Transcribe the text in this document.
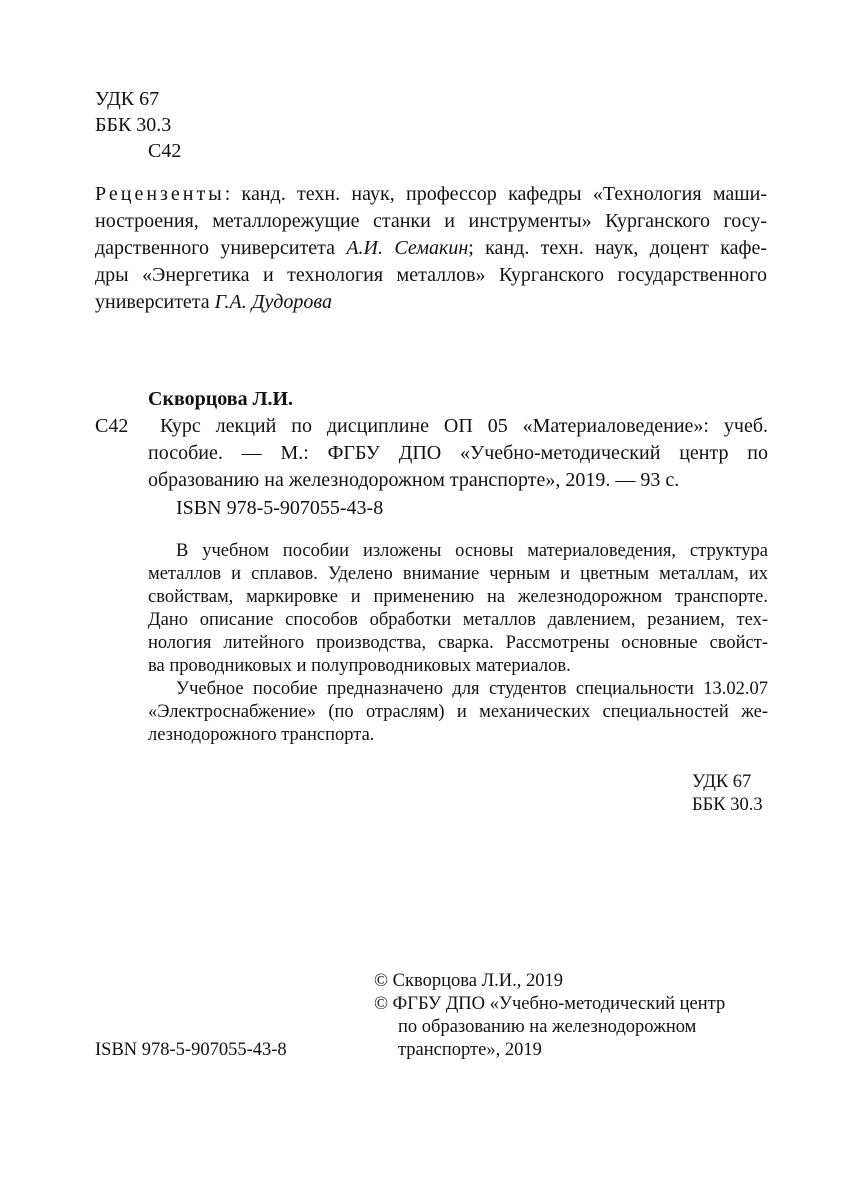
УДК 67
ББК 30.3
С42
Рецензенты: канд. техн. наук, профессор кафедры «Технология маши-
ностроения, металлорежущие станки и инструменты» Курганского госу-
дарственного университета А.И. Семакин; канд. техн. наук, доцент кафе-
дры «Энергетика и технология металлов» Курганского государственного
университета Г.А. Дудорова
Скворцова Л.И.
С42 Курс лекций по дисциплине ОП 05 «Материаловедение»: учеб.
пособие. — М.: ФГБУ ДПО «Учебно-методический центр по
образованию на железнодорожном транспорте», 2019. — 93 с.
ISBN 978-5-907055-43-8
В учебном пособии изложены основы материаловедения, структура
металлов и сплавов. Уделено внимание черным и цветным металлам, их
свойствам, маркировке и применению на железнодорожном транспорте.
Дано описание способов обработки металлов давлением, резанием, тех-
нология литейного производства, сварка. Рассмотрены основные свойст-
ва проводниковых и полупроводниковых материалов.
Учебное пособие предназначено для студентов специальности 13.02.07
«Электроснабжение» (по отраслям) и механических специальностей же-
лезнодорожного транспорта.
УДК 67
ББК 30.3
© Скворцова Л.И., 2019
© ФГБУ ДПО «Учебно-методический центр
по образованию на железнодорожном
транспорте», 2019
ISBN 978-5-907055-43-8
